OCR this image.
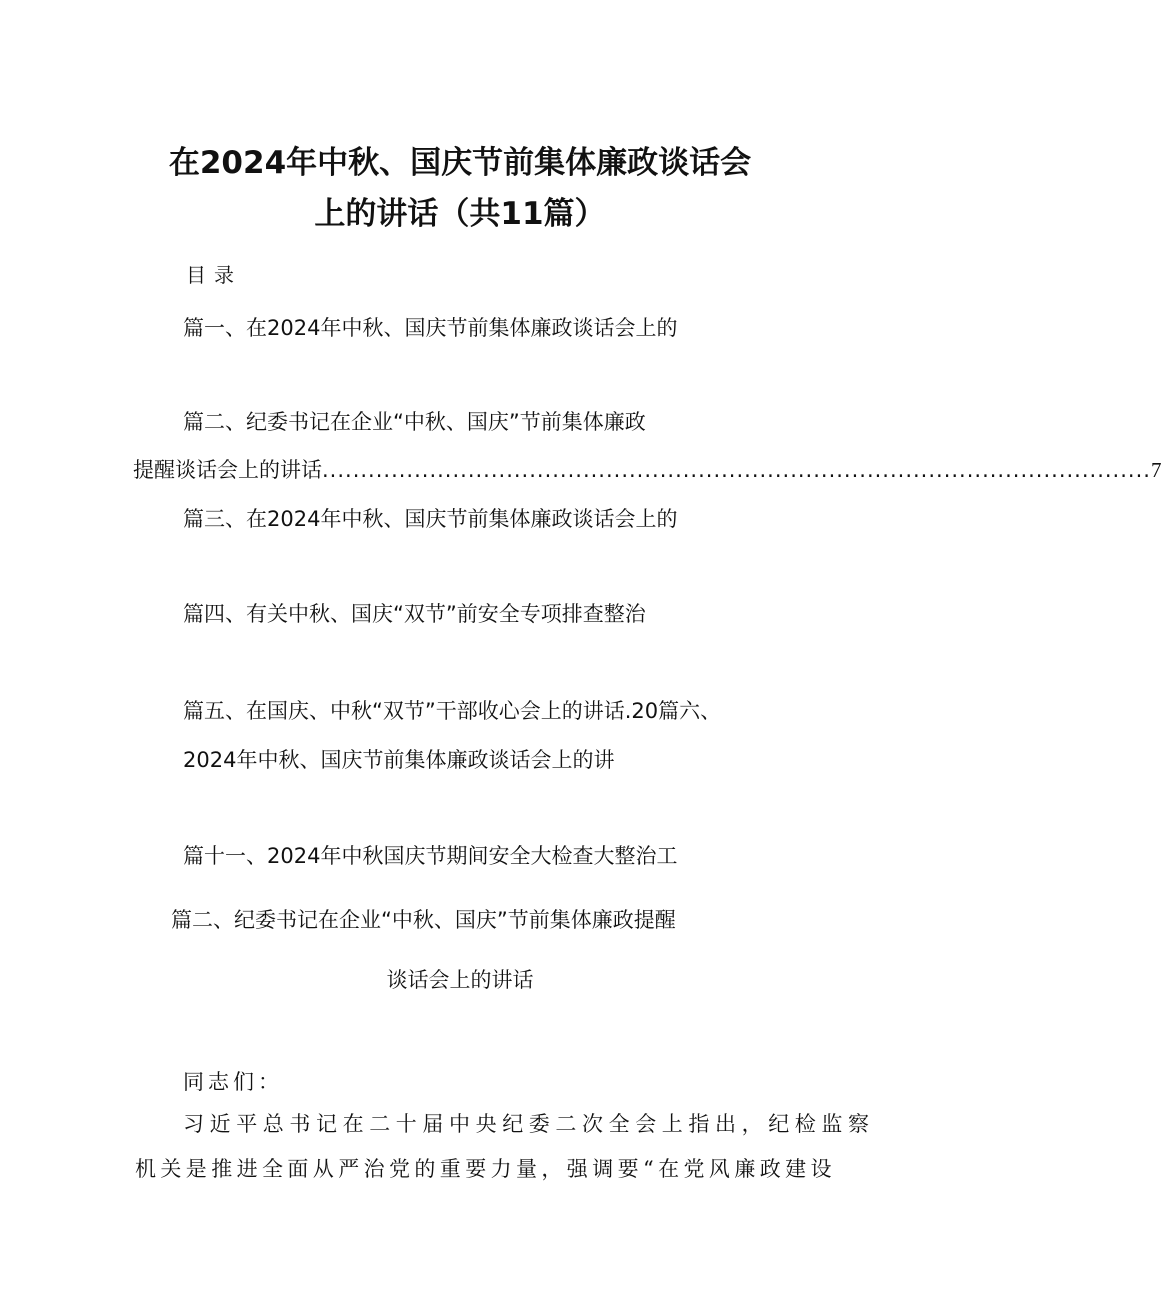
在2024年中秋、国庆节前集体廉政谈话会
上的讲话（共11篇）
目录
篇一、在2024年中秋、国庆节前集体廉政谈话会上的
篇二、纪委书记在企业“中秋、国庆”节前集体廉政
提醒谈话会上的讲话 ............................................................................................................ 7
篇三、在2024年中秋、国庆节前集体廉政谈话会上的
篇四、有关中秋、国庆“双节”前安全专项排查整治
篇五、在国庆、中秋“双节”干部收心会上的讲话.20篇六、
2024年中秋、国庆节前集体廉政谈话会上的讲
篇十一、2024年中秋国庆节期间安全大检查大整治工
篇二、纪委书记在企业“中秋、国庆”节前集体廉政提醒
谈话会上的讲话
同志们：
习近平总书记在二十届中央纪委二次全会上指出，纪检监察
机关是推进全面从严治党的重要力量，强调要“在党风廉政建设
